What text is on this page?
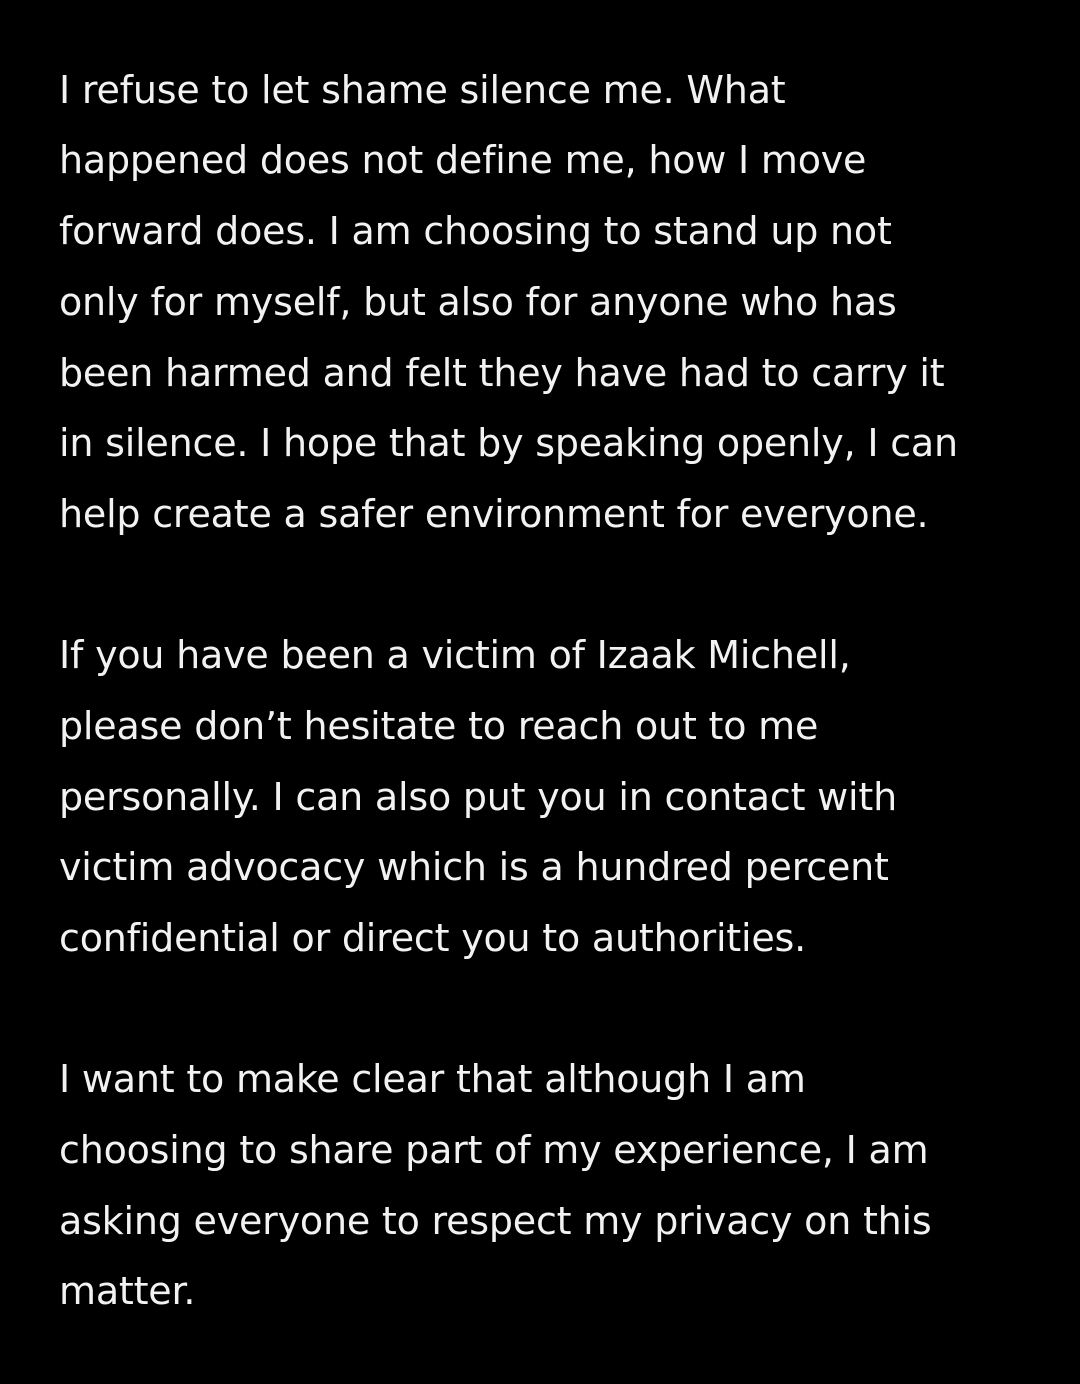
I refuse to let shame silence me. What
happened does not define me, how I move
forward does. I am choosing to stand up not
only for myself, but also for anyone who has
been harmed and felt they have had to carry it
in silence. I hope that by speaking openly, I can
help create a safer environment for everyone.
If you have been a victim of Izaak Michell,
please don’t hesitate to reach out to me
personally. I can also put you in contact with
victim advocacy which is a hundred percent
confidential or direct you to authorities.
I want to make clear that although I am
choosing to share part of my experience, I am
asking everyone to respect my privacy on this
matter.
